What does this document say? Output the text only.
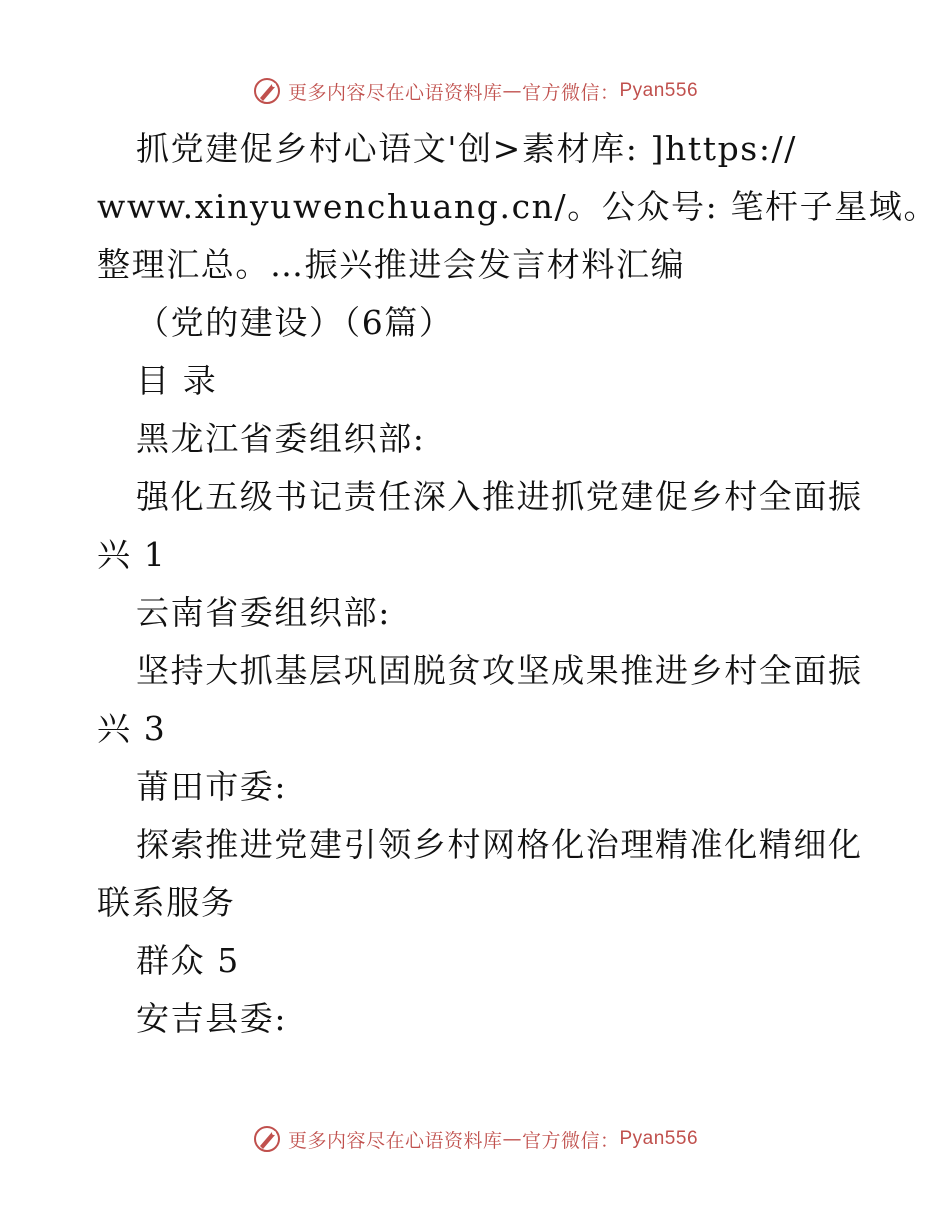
更多内容尽在心语资料库 — 官方微信： Pyan556
抓党建促乡村心语文'创>素材库: ]https://
www.xinyuwenchuang.cn/。公众号: 笔杆子星域。
整理汇总。…振兴推进会发言材料汇编
（党的建设）（6篇）
目 录
黑龙江省委组织部:
强化五级书记责任深入推进抓党建促乡村全面振
兴 1
云南省委组织部:
坚持大抓基层巩固脱贫攻坚成果推进乡村全面振
兴 3
莆田市委:
探索推进党建引领乡村网格化治理精准化精细化
联系服务
群众 5
安吉县委:
更多内容尽在心语资料库 — 官方微信： Pyan556
